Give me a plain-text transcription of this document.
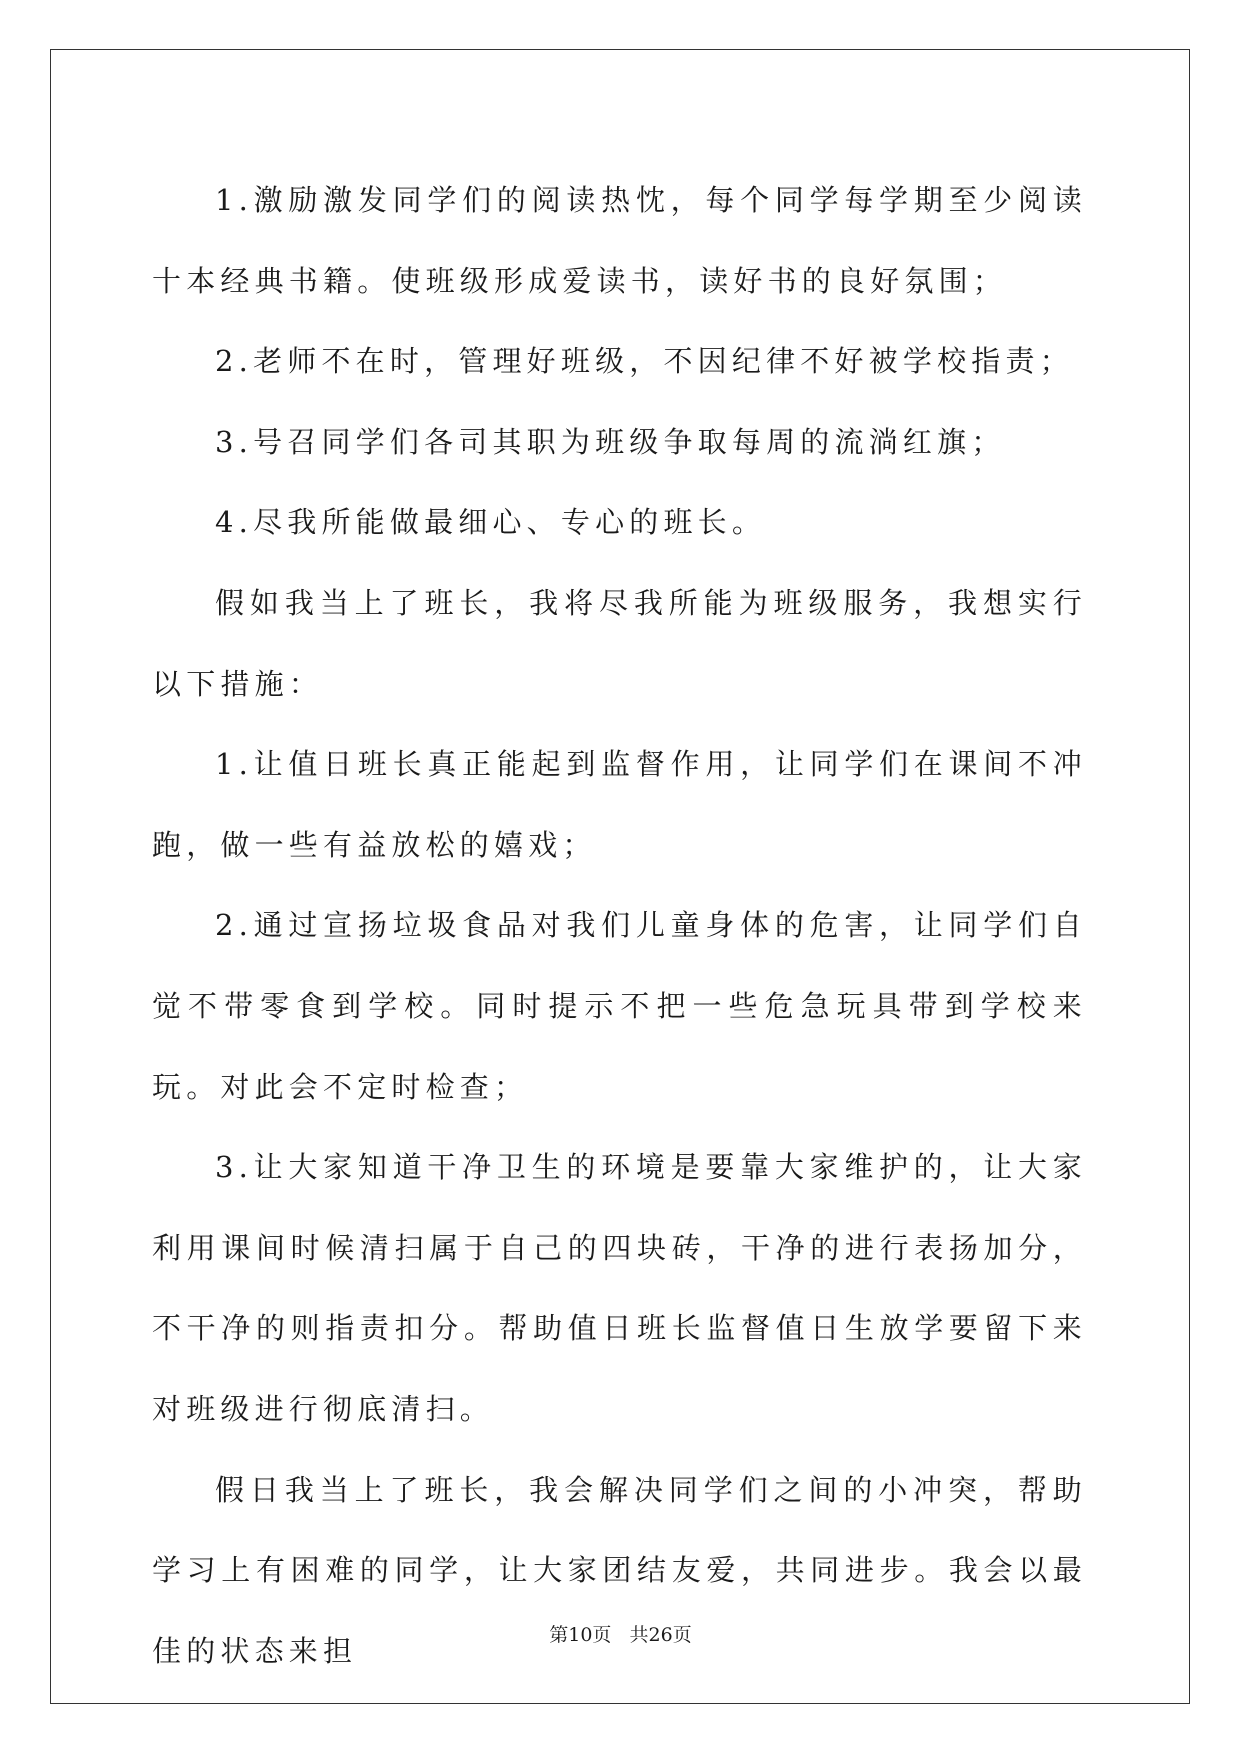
1.激励激发同学们的阅读热忱，每个同学每学期至少阅读十本经典书籍。使班级形成爱读书，读好书的良好氛围；

2.老师不在时，管理好班级，不因纪律不好被学校指责；

3.号召同学们各司其职为班级争取每周的流淌红旗；

4.尽我所能做最细心、专心的班长。

假如我当上了班长，我将尽我所能为班级服务，我想实行以下措施：

1.让值日班长真正能起到监督作用，让同学们在课间不冲跑，做一些有益放松的嬉戏；

2.通过宣扬垃圾食品对我们儿童身体的危害，让同学们自觉不带零食到学校。同时提示不把一些危急玩具带到学校来玩。对此会不定时检查；

3.让大家知道干净卫生的环境是要靠大家维护的，让大家利用课间时候清扫属于自己的四块砖，干净的进行表扬加分，不干净的则指责扣分。帮助值日班长监督值日生放学要留下来对班级进行彻底清扫。

假日我当上了班长，我会解决同学们之间的小冲突，帮助学习上有困难的同学，让大家团结友爱，共同进步。我会以最佳的状态来担	第10页   共26页
